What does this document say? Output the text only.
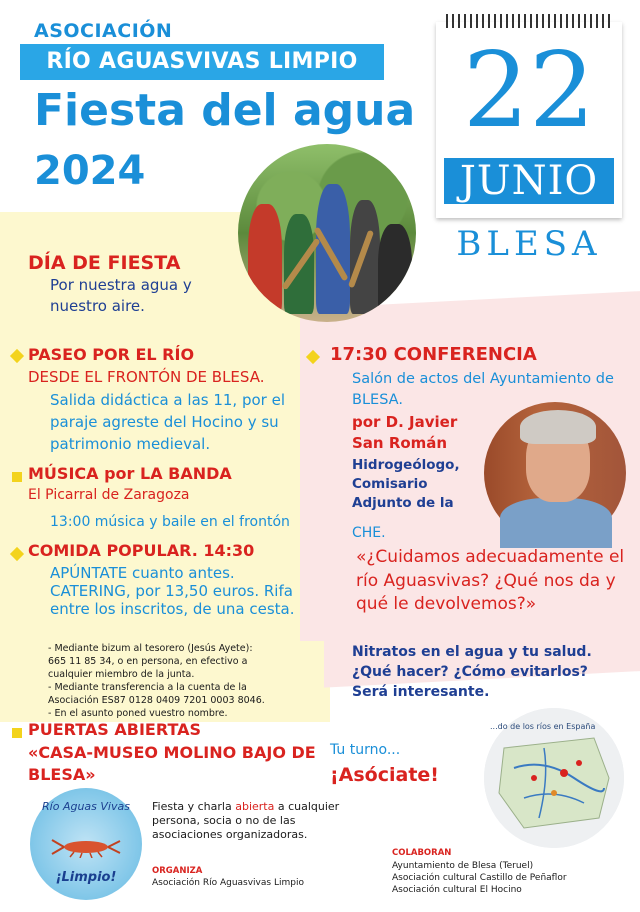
ASOCIACIÓN
RÍO AGUASVIVAS LIMPIO
Fiesta del agua
2024
22
JUNIO
BLESA
DÍA DE FIESTA
Por nuestra agua y nuestro aire.
PASEO POR EL RÍO
DESDE EL FRONTÓN DE BLESA.
Salida didáctica a las 11, por el paraje agreste del Hocino y su
patrimonio medieval.
MÚSICA por LA BANDA
El Picarral de Zaragoza
13:00 música y baile en el frontón
COMIDA POPULAR. 14:30
APÚNTATE cuanto antes. CATERING, por 13,50 euros. Rifa entre los inscritos, de una cesta.
- Mediante bizum al tesorero (Jesús Ayete):
665 11 85 34, o en persona, en efectivo a
cualquier miembro de la junta.
- Mediante transferencia a la cuenta de la
Asociación ES87 0128 0409 7201 0003 8046.
- En el asunto poned vuestro nombre.
PUERTAS ABIERTAS
«CASA-MUSEO MOLINO BAJO DE BLESA»
Río Aguas Vivas
¡Limpio!
Fiesta y charla abierta a cualquier persona, socia o no de las asociaciones organizadoras.
ORGANIZA
Asociación Río Aguasvivas Limpio
17:30 CONFERENCIA
Salón de actos del Ayuntamiento de BLESA.
por D. Javier San Román
Hidrogeólogo, Comisario Adjunto de la
CHE.
«¿Cuidamos adecuadamente el río Aguasvivas? ¿Qué nos da y qué le devolvemos?»
Nitratos en el agua y tu salud. ¿Qué hacer? ¿Cómo evitarlos? Será interesante.
Tu turno...
¡Asóciate!
...do de los ríos en España
COLABORAN
Ayuntamiento de Blesa (Teruel)
Asociación cultural Castillo de Peñaflor
Asociación cultural El Hocino
